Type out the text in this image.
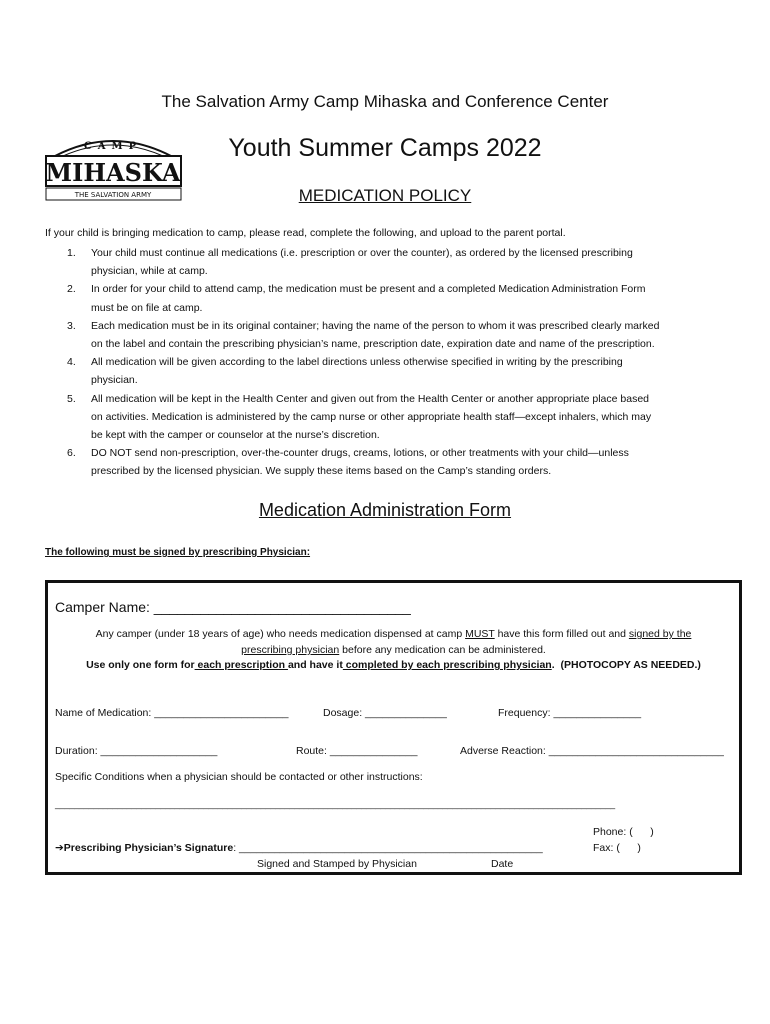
The Salvation Army Camp Mihaska and Conference Center
CAMP
MIHASKA
THE SALVATION ARMY
Youth Summer Camps 2022
MEDICATION POLICY
If your child is bringing medication to camp, please read, complete the following, and upload to the parent portal.
1. Your child must continue all medications (i.e. prescription or over the counter), as ordered by the licensed prescribing
physician, while at camp.
2. In order for your child to attend camp, the medication must be present and a completed Medication Administration Form
must be on file at camp.
3. Each medication must be in its original container; having the name of the person to whom it was prescribed clearly marked
on the label and contain the prescribing physician’s name, prescription date, expiration date and name of the prescription.
4. All medication will be given according to the label directions unless otherwise specified in writing by the prescribing
physician.
5. All medication will be kept in the Health Center and given out from the Health Center or another appropriate place based
on activities. Medication is administered by the camp nurse or other appropriate health staff—except inhalers, which may
be kept with the camper or counselor at the nurse’s discretion.
6. DO NOT send non-prescription, over-the-counter drugs, creams, lotions, or other treatments with your child—unless
prescribed by the licensed physician. We supply these items based on the Camp’s standing orders.
Medication Administration Form
The following must be signed by prescribing Physician:
Camper Name: _________________________________
Any camper (under 18 years of age) who needs medication dispensed at camp MUST have this form filled out and signed by the
prescribing physician before any medication can be administered.
Use only one form for each prescription and have it completed by each prescribing physician.  (PHOTOCOPY AS NEEDED.)
Name of Medication: _______________________	Dosage: ______________	Frequency: _______________
Duration: ____________________	Route: _______________	Adverse Reaction: ______________________________
Specific Conditions when a physician should be contacted or other instructions:
_____________________________________________________________________________________________________________________
Phone: (      )
➔Prescribing Physician’s Signature: ____________________________________________________	Fax: (      )
Signed and Stamped by Physician	Date
